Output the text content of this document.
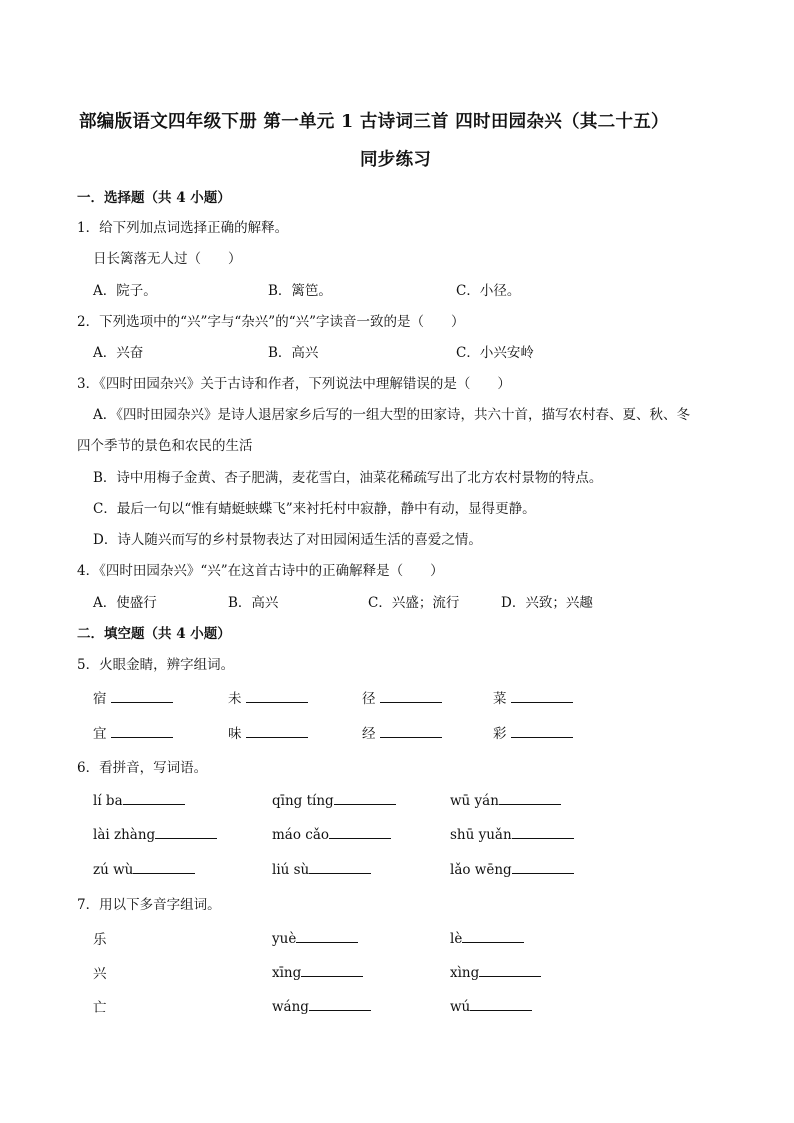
部编版语文四年级下册 第一单元 1 古诗词三首 四时田园杂兴（其二十五）
同步练习
一．选择题（共 4 小题）
1．给下列加点词选择正确的解释。
日长篱落无人过（　　）
A．院子。	B．篱笆。	C．小径。
2．下列选项中的“兴”字与“杂兴”的“兴”字读音一致的是（　　）
A．兴奋	B．高兴	C．小兴安岭
3．《四时田园杂兴》关于古诗和作者，下列说法中理解错误的是（　　）
A．《四时田园杂兴》是诗人退居家乡后写的一组大型的田家诗，共六十首，描写农村春、夏、秋、冬
四个季节的景色和农民的生活
B．诗中用梅子金黄、杏子肥满，麦花雪白，油菜花稀疏写出了北方农村景物的特点。
C．最后一句以“惟有蜻蜓蛱蝶飞”来衬托村中寂静，静中有动，显得更静。
D．诗人随兴而写的乡村景物表达了对田园闲适生活的喜爱之情。
4．《四时田园杂兴》“兴”在这首古诗中的正确解释是（　　）
A．使盛行	B．高兴	C．兴盛；流行	D．兴致；兴趣
二．填空题（共 4 小题）
5．火眼金睛，辨字组词。
宿	未	径	菜
宜	味	经	彩
6．看拼音，写词语。
lí ba	qīng tíng	wū yán
lài zhàng	máo cǎo	shū yuǎn
zú wù	liú sù	lǎo wēng
7．用以下多音字组词。
乐	yuè	lè
兴	xīng	xìng
亡	wáng	wú
